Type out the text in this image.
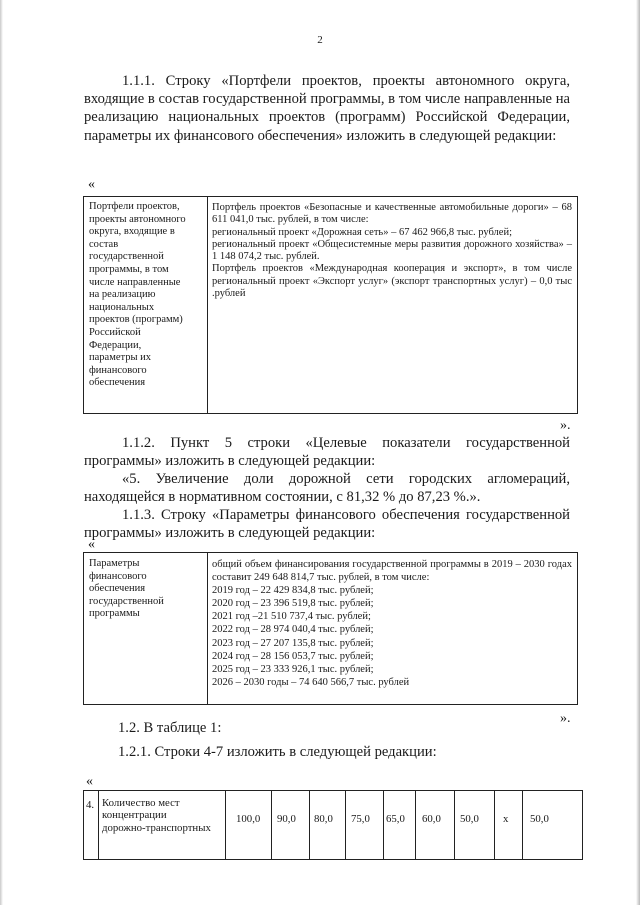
2
1.1.1. Строку «Портфели проектов, проекты автономного округа, входящие в состав государственной программы, в том числе направленные на реализацию национальных проектов (программ) Российской Федерации, параметры их финансового обеспечения» изложить в следующей редакции:
«
Портфели проектов,
проекты автономного
округа, входящие в
состав
государственной
программы, в том
числе направленные
на реализацию
национальных
проектов (программ)
Российской
Федерации,
параметры их
финансового
обеспечения
Портфель проектов «Безопасные и качественные автомобильные дороги» – 68 611 041,0 тыс. рублей, в том числе:
региональный проект «Дорожная сеть» – 67 462 966,8 тыс. рублей;
региональный проект «Общесистемные меры развития дорожного хозяйства» – 1 148 074,2 тыс. рублей.
Портфель проектов «Международная кооперация и экспорт», в том числе региональный проект «Экспорт услуг» (экспорт транспортных услуг) – 0,0 тыс .рублей
».
1.1.2. Пункт 5 строки «Целевые показатели государственной программы» изложить в следующей редакции:
«5. Увеличение доли дорожной сети городских агломераций, находящейся в нормативном состоянии, с 81,32 % до 87,23 %.».
1.1.3. Строку «Параметры финансового обеспечения государственной программы» изложить в следующей редакции:
«
Параметры
финансового
обеспечения
государственной
программы
общий объем финансирования государственной программы в 2019 – 2030 годах составит 249 648 814,7 тыс. рублей, в том числе:
2019 год – 22 429 834,8 тыс. рублей;
2020 год – 23 396 519,8 тыс. рублей;
2021 год –21 510 737,4 тыс. рублей;
2022 год – 28 974 040,4 тыс. рублей;
2023 год – 27 207 135,8 тыс. рублей;
2024 год – 28 156 053,7 тыс. рублей;
2025 год – 23 333 926,1 тыс. рублей;
2026 – 2030 годы – 74 640 566,7 тыс. рублей
».
1.2. В таблице 1:
1.2.1. Строки 4-7 изложить в следующей редакции:
«
4. Количество мест
концентрации
дорожно-транспортных
100,0 90,0 80,0 75,0 65,0 60,0 50,0 x 50,0
